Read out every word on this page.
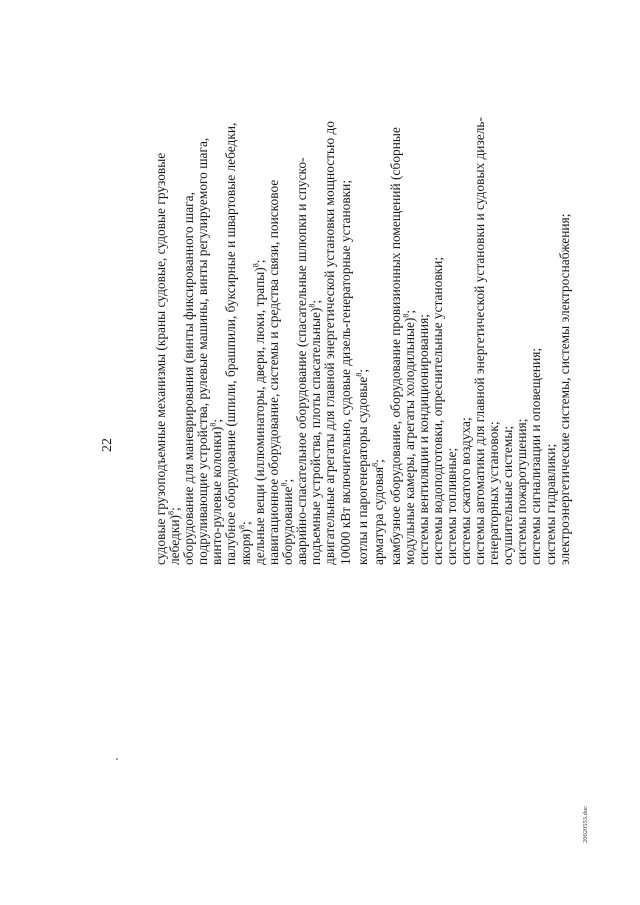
22	судовые грузоподъемные механизмы (краны судовые, судовые грузовые лебедки)$^8$; оборудование для маневрирования (винты фиксированного шага, подруливающие устройства, рулевые машины, винты регулируемого шага, винто-рулевые колонки)$^8$; палубное оборудование (шпили, брашпили, буксирные и швартовые лебедки, якоря)$^8$; дельные вещи (иллюминаторы, двери, люки, трапы)$^8$; навигационное оборудование, системы и средства связи, поисковое оборудование$^8$; аварийно-спасательное оборудование (спасательные шлюпки и спуско- подъемные устройства, плоты спасательные)$^8$; двигательные агрегаты для главной энергетической установки мощностью до 10000 кВт включительно, судовые дизель-генераторные установки; котлы и парогенераторы судовые$^8$;
арматура судовая$^8$; камбузное оборудование, оборудование провизионных помещений (сборные модульные камеры, агрегаты холодильные)$^8$;
системы вентиляции и кондиционирования; системы водоподготовки, опреснительные установки; системы топливные; системы сжатого воздуха; системы автоматики для главной энергетической установки и судовых дизель- генераторных установок; осушительные системы; системы пожаротушения; системы сигнализации и оповещения; системы гидравлики; электроэнергетические системы, системы электроснабжения;
20020553.doc
